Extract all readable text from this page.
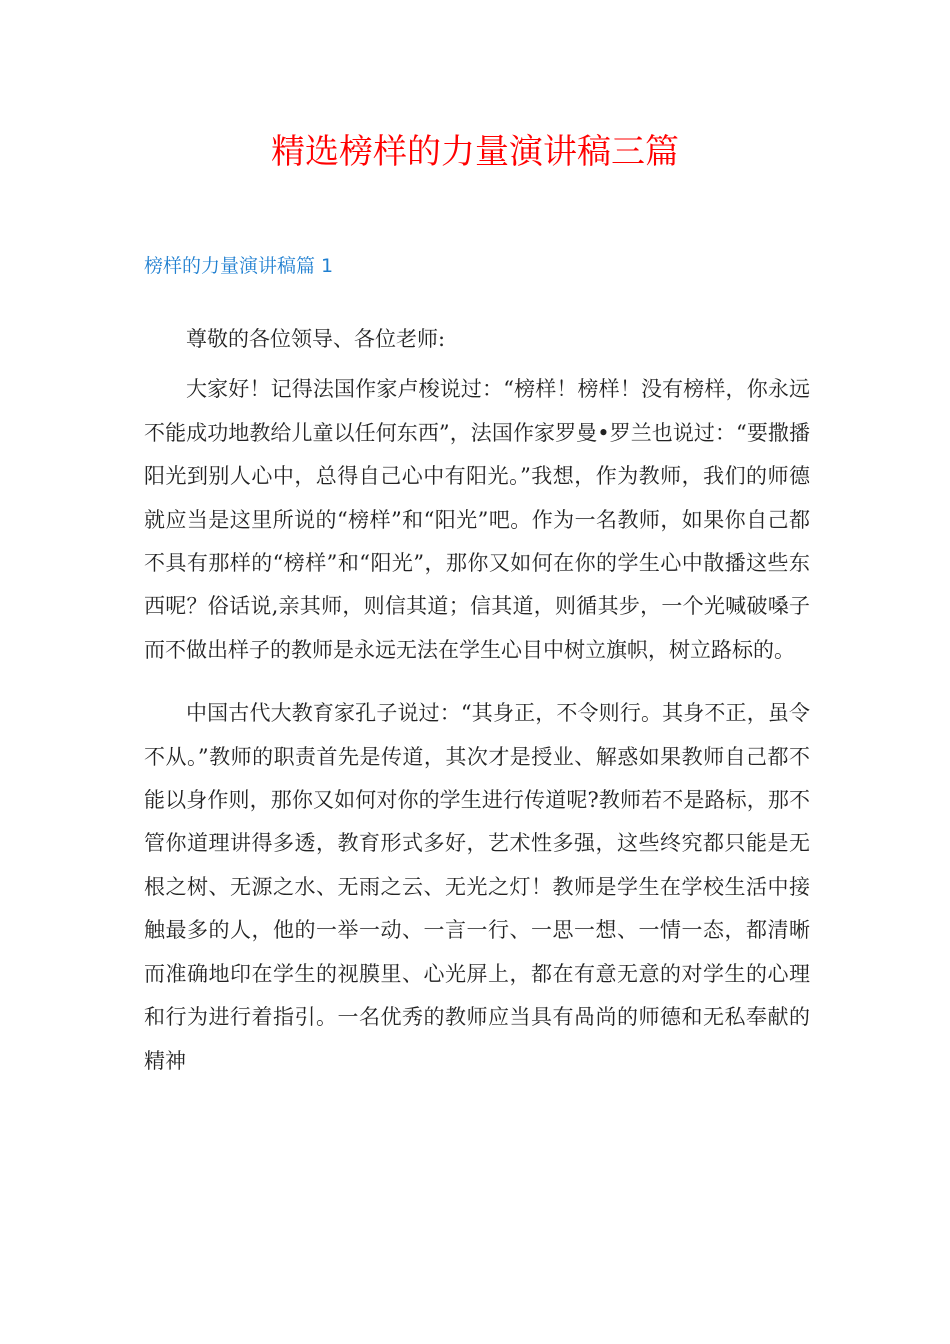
精选榜样的力量演讲稿三篇
榜样的力量演讲稿篇 1

尊敬的各位领导、各位老师:

大家好！记得法国作家卢梭说过：“榜样！榜样！没有榜样，你永远不能成功地教给儿童以任何东西”，法国作家罗曼•罗兰也说过：“要撒播阳光到别人心中，总得自己心中有阳光。”我想，作为教师，我们的师德就应当是这里所说的“榜样”和“阳光”吧。作为一名教师，如果你自己都不具有那样的“榜样”和“阳光”，那你又如何在你的学生心中散播这些东西呢？俗话说,亲其师，则信其道；信其道，则循其步，一个光喊破嗓子而不做出样子的教师是永远无法在学生心目中树立旗帜，树立路标的。

中国古代大教育家孔子说过：“其身正，不令则行。其身不正，虽令不从。”教师的职责首先是传道，其次才是授业、解惑如果教师自己都不能以身作则，那你又如何对你的学生进行传道呢?教师若不是路标，那不管你道理讲得多透，教育形式多好，艺术性多强，这些终究都只能是无根之树、无源之水、无雨之云、无光之灯！教师是学生在学校生活中接触最多的人，他的一举一动、一言一行、一思一想、一情一态，都清晰而准确地印在学生的视膜里、心光屏上，都在有意无意的对学生的心理和行为进行着指引。一名优秀的教师应当具有咼尚的师德和无私奉献的精神
